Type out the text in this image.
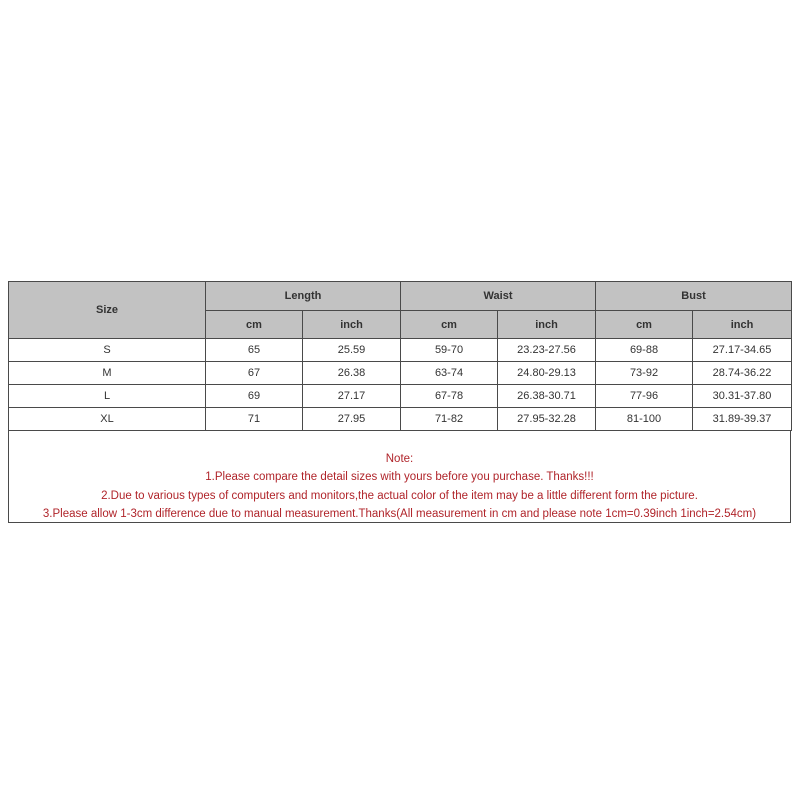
Size	Length		Waist		Bust	
	cm	inch	cm	inch	cm	inch
S	65	25.59	59-70	23.23-27.56	69-88	27.17-34.65
M	67	26.38	63-74	24.80-29.13	73-92	28.74-36.22
L	69	27.17	67-78	26.38-30.71	77-96	30.31-37.80
XL	71	27.95	71-82	27.95-32.28	81-100	31.89-39.37
Note:
1.Please compare the detail sizes with yours before you purchase. Thanks!!!
2.Due to various types of computers and monitors,the actual color of the item may be a little different form the picture.
3.Please allow 1-3cm difference due to manual measurement.Thanks(All measurement in cm and please note 1cm=0.39inch 1inch=2.54cm)
